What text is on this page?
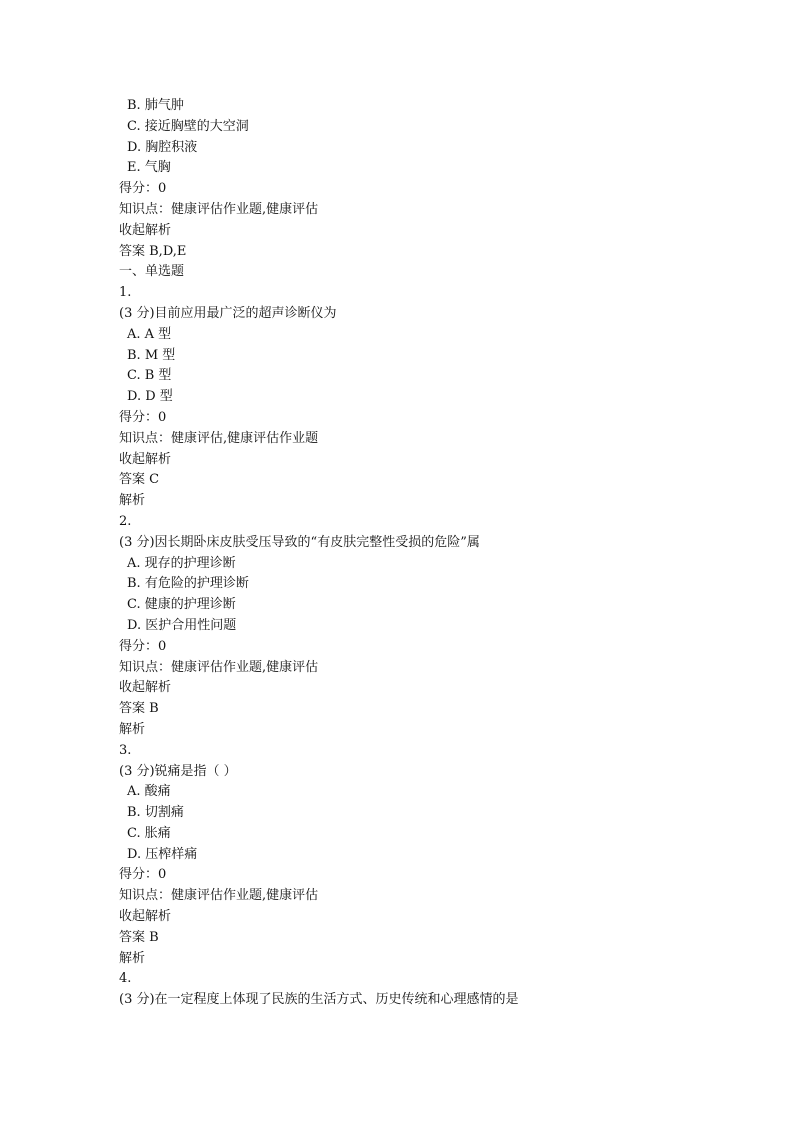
B. 肺气肿
C. 接近胸壁的大空洞
D. 胸腔积液
E. 气胸
得分：0
知识点：健康评估作业题,健康评估
收起解析
答案 B,D,E
一、单选题
1.
(3 分)目前应用最广泛的超声诊断仪为
A. A 型
B. M 型
C. B 型
D. D 型
得分：0
知识点：健康评估,健康评估作业题
收起解析
答案 C
解析
2.
(3 分)因长期卧床皮肤受压导致的“有皮肤完整性受损的危险”属
A. 现存的护理诊断
B. 有危险的护理诊断
C. 健康的护理诊断
D. 医护合用性问题
得分：0
知识点：健康评估作业题,健康评估
收起解析
答案 B
解析
3.
(3 分)锐痛是指（ ）
A. 酸痛
B. 切割痛
C. 胀痛
D. 压榨样痛
得分：0
知识点：健康评估作业题,健康评估
收起解析
答案 B
解析
4.
(3 分)在一定程度上体现了民族的生活方式、历史传统和心理感情的是
